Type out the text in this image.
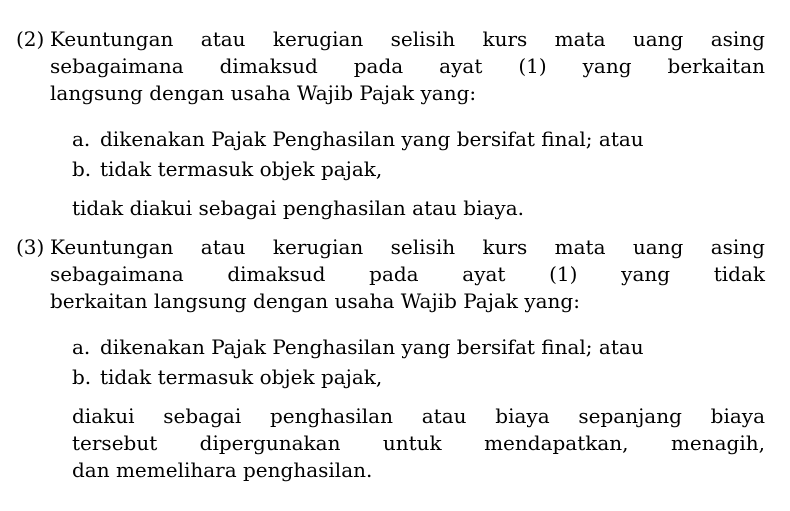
(2) Keuntungan atau kerugian selisih kurs mata uang asing
sebagaimana dimaksud pada ayat (1) yang berkaitan
langsung dengan usaha Wajib Pajak yang:
a. dikenakan Pajak Penghasilan yang bersifat final; atau
b. tidak termasuk objek pajak,
tidak diakui sebagai penghasilan atau biaya.
(3) Keuntungan atau kerugian selisih kurs mata uang asing
sebagaimana dimaksud pada ayat (1) yang tidak
berkaitan langsung dengan usaha Wajib Pajak yang:
a. dikenakan Pajak Penghasilan yang bersifat final; atau
b. tidak termasuk objek pajak,
diakui sebagai penghasilan atau biaya sepanjang biaya
tersebut dipergunakan untuk mendapatkan, menagih,
dan memelihara penghasilan.
